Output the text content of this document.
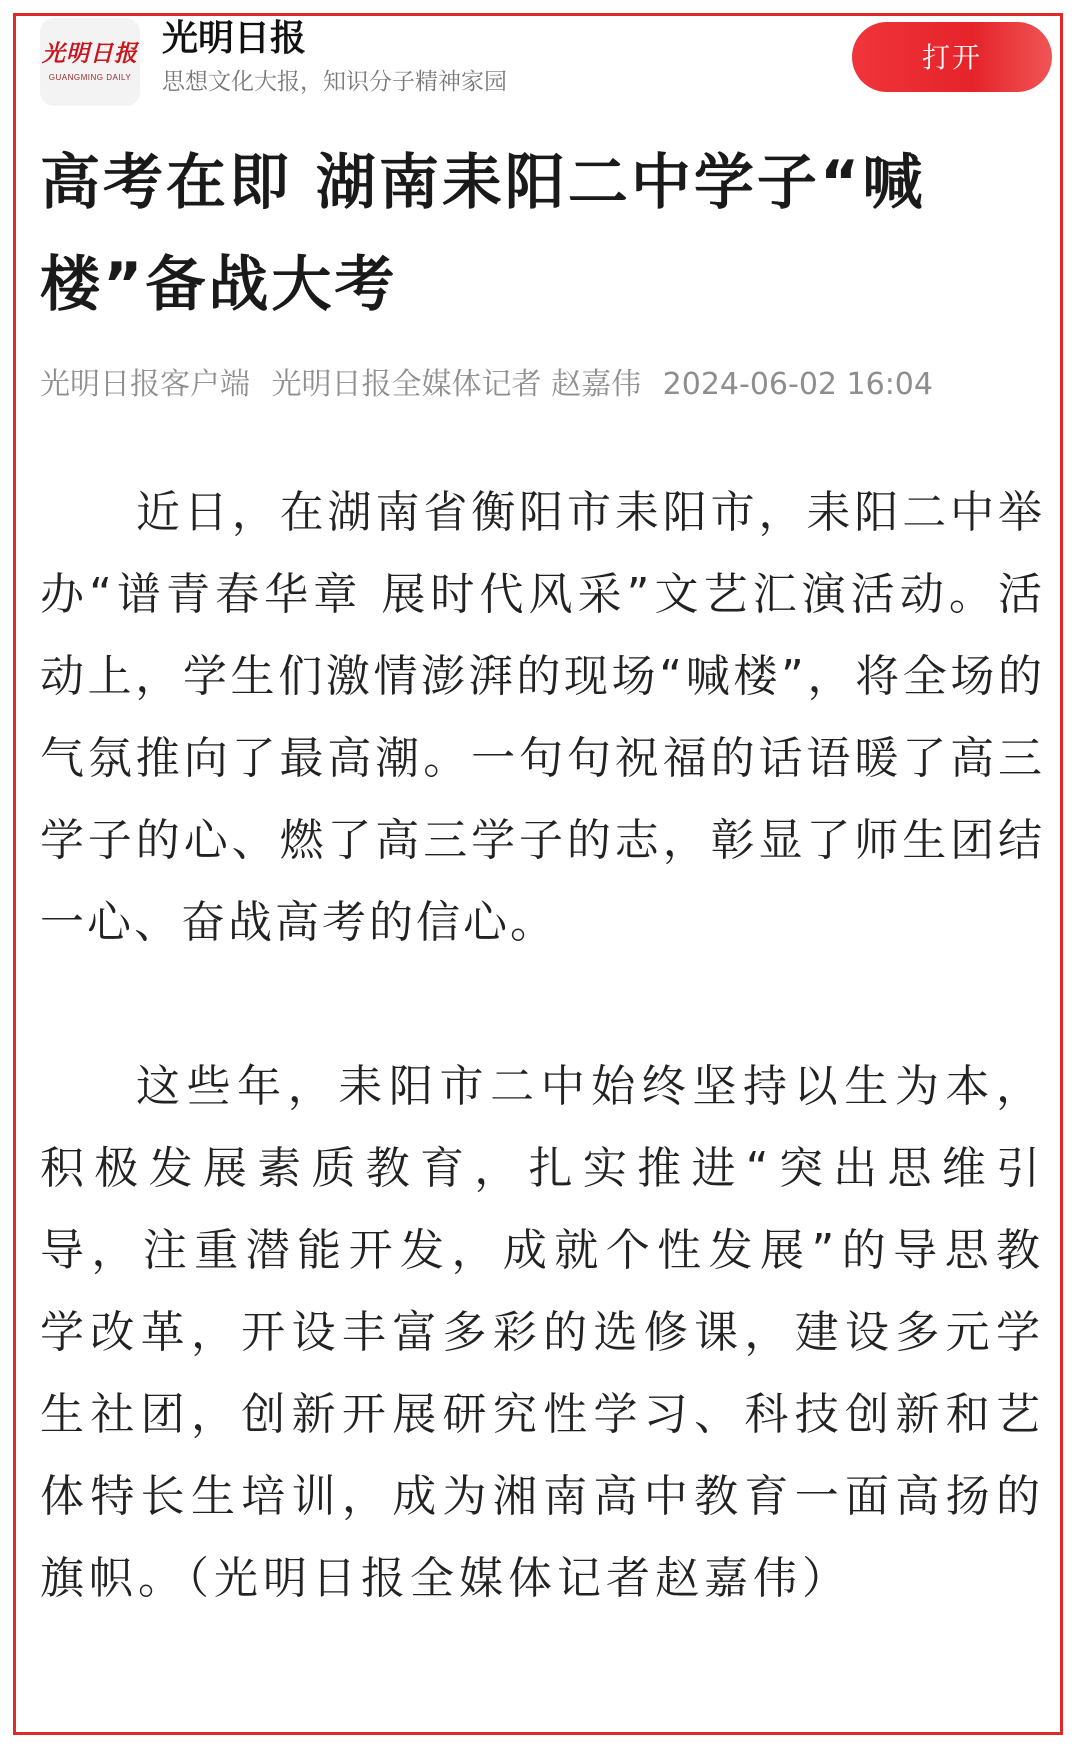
光明日报
GUANGMING DAILY
光明日报
思想文化大报，知识分子精神家园
打开
高考在即 湖南耒阳二中学子“喊楼”备战大考
光明日报客户端 光明日报全媒体记者 赵嘉伟 2024-06-02 16:04

近日，在湖南省衡阳市耒阳市，耒阳二中举办“谱青春华章 展时代风采”文艺汇演活动。活动上，学生们激情澎湃的现场“喊楼”，将全场的气氛推向了最高潮。一句句祝福的话语暖了高三学子的心、燃了高三学子的志，彰显了师生团结一心、奋战高考的信心。

这些年，耒阳市二中始终坚持以生为本，积极发展素质教育，扎实推进“突出思维引导，注重潜能开发，成就个性发展”的导思教学改革，开设丰富多彩的选修课，建设多元学生社团，创新开展研究性学习、科技创新和艺体特长生培训，成为湘南高中教育一面高扬的旗帜。（光明日报全媒体记者赵嘉伟）
